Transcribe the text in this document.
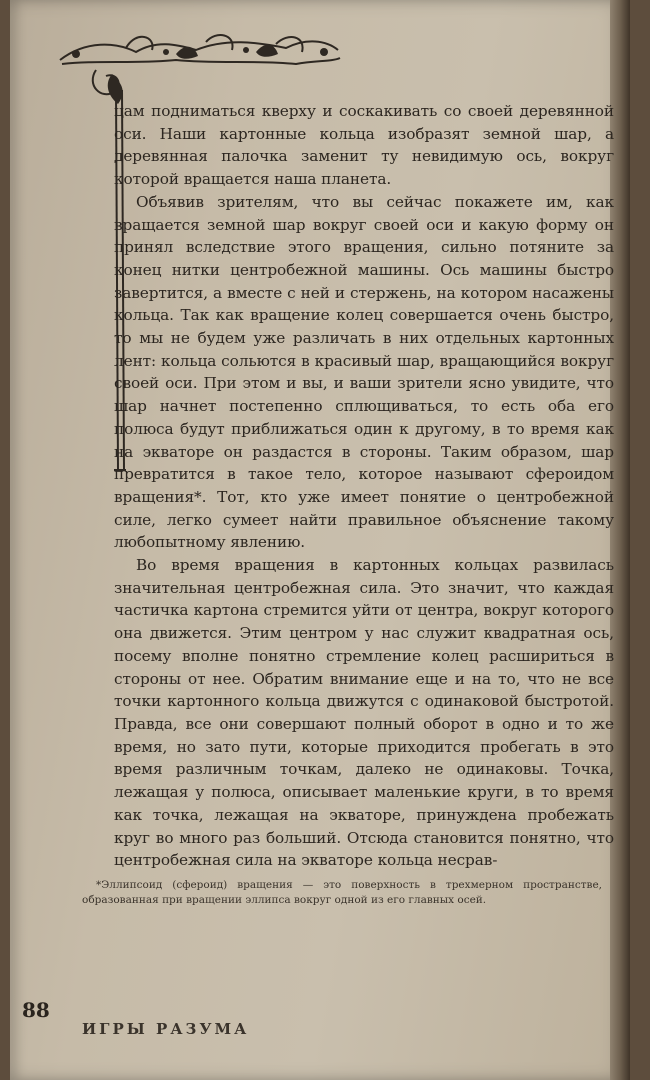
цам подниматься кверху и соскакивать со своей деревянной оси. Наши картонные кольца изобразят земной шар, а деревянная палочка заменит ту невидимую ось, вокруг которой вращается наша планета.

Объявив зрителям, что вы сейчас покажете им, как вращается земной шар вокруг своей оси и какую форму он принял вследствие этого вращения, сильно потяните за конец нитки центробежной машины. Ось машины быстро завертится, а вместе с ней и стержень, на котором насажены кольца. Так как вращение колец совершается очень быстро, то мы не будем уже различать в них отдельных картонных лент: кольца сольются в красивый шар, вращающийся вокруг своей оси. При этом и вы, и ваши зрители ясно увидите, что шар начнет постепенно сплющиваться, то есть оба его полюса будут приближаться один к другому, в то время как на экваторе он раздастся в стороны. Таким образом, шар превратится в такое тело, которое называют сфероидом вращения*. Тот, кто уже имеет понятие о центробежной силе, легко сумеет найти правильное объяснение такому любопытному явлению.

Во время вращения в картонных кольцах развилась значительная центробежная сила. Это значит, что каждая частичка картона стремится уйти от центра, вокруг которого она движется. Этим центром у нас служит квадратная ось, посему вполне понятно стремление колец расшириться в стороны от нее. Обратим внимание еще и на то, что не все точки картонного кольца движутся с одинаковой быстротой. Правда, все они совершают полный оборот в одно и то же время, но зато пути, которые приходится пробегать в это время различным точкам, далеко не одинаковы. Точка, лежащая у полюса, описывает маленькие круги, в то время как точка, лежащая на экваторе, принуждена пробежать круг во много раз больший. Отсюда становится понятно, что центробежная сила на экваторе кольца несрав-

*Эллипсоид (сфероид) вращения — это поверхность в трехмерном пространстве, образованная при вращении эллипса вокруг одной из его главных осей.

88
ИГРЫ РАЗУМА
